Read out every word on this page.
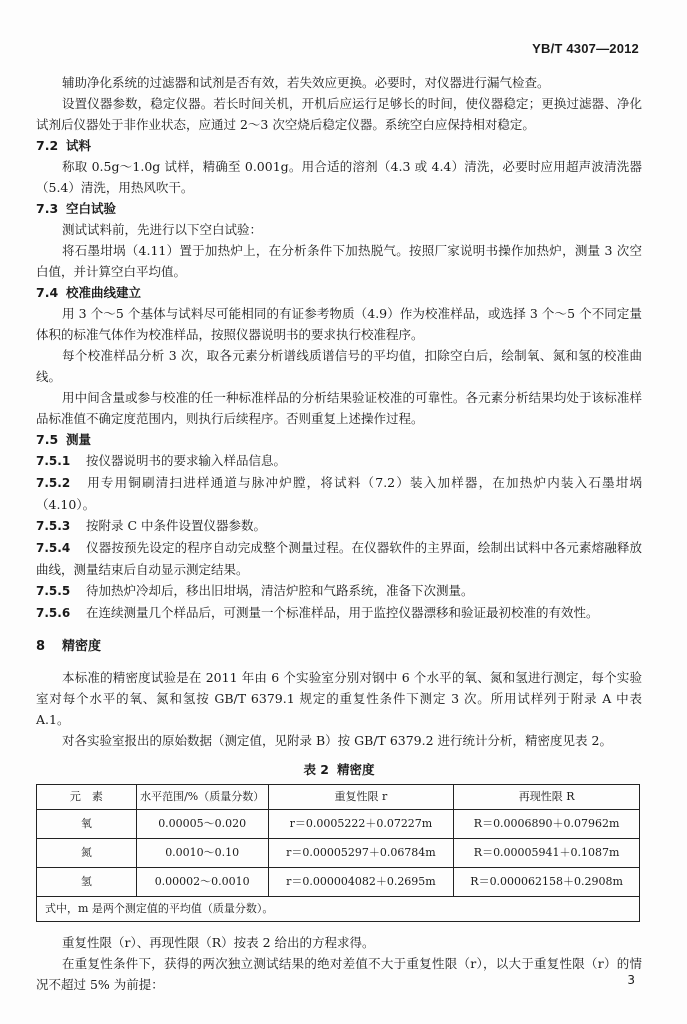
YB/T 4307—2012

辅助净化系统的过滤器和试剂是否有效，若失效应更换。必要时，对仪器进行漏气检查。

设置仪器参数，稳定仪器。若长时间关机，开机后应运行足够长的时间，使仪器稳定；更换过滤器、净化试剂后仪器处于非作业状态，应通过 2～3 次空烧后稳定仪器。系统空白应保持相对稳定。

7.2 试料

称取 0.5g～1.0g 试样，精确至 0.001g。用合适的溶剂（4.3 或 4.4）清洗，必要时应用超声波清洗器（5.4）清洗，用热风吹干。

7.3 空白试验

测试试料前，先进行以下空白试验：

将石墨坩埚（4.11）置于加热炉上，在分析条件下加热脱气。按照厂家说明书操作加热炉，测量 3 次空白值，并计算空白平均值。

7.4 校准曲线建立

用 3 个～5 个基体与试料尽可能相同的有证参考物质（4.9）作为校准样品，或选择 3 个～5 个不同定量体积的标准气体作为校准样品，按照仪器说明书的要求执行校准程序。

每个校准样品分析 3 次，取各元素分析谱线质谱信号的平均值，扣除空白后，绘制氧、氮和氢的校准曲线。

用中间含量或参与校准的任一种标准样品的分析结果验证校准的可靠性。各元素分析结果均处于该标准样品标准值不确定度范围内，则执行后续程序。否则重复上述操作过程。

7.5 测量

7.5.1 按仪器说明书的要求输入样品信息。

7.5.2 用专用铜刷清扫进样通道与脉冲炉膛，将试料（7.2）装入加样器，在加热炉内装入石墨坩埚（4.10）。

7.5.3 按附录 C 中条件设置仪器参数。

7.5.4 仪器按预先设定的程序自动完成整个测量过程。在仪器软件的主界面，绘制出试料中各元素熔融释放曲线，测量结束后自动显示测定结果。

7.5.5 待加热炉冷却后，移出旧坩埚，清洁炉腔和气路系统，准备下次测量。

7.5.6 在连续测量几个样品后，可测量一个标准样品，用于监控仪器漂移和验证最初校准的有效性。

8 精密度

本标准的精密度试验是在 2011 年由 6 个实验室分别对钢中 6 个水平的氧、氮和氢进行测定，每个实验室对每个水平的氧、氮和氢按 GB/T 6379.1 规定的重复性条件下测定 3 次。所用试样列于附录 A 中表 A.1。

对各实验室报出的原始数据（测定值，见附录 B）按 GB/T 6379.2 进行统计分析，精密度见表 2。

表 2 精密度
元　素	水平范围/%（质量分数）	重复性限 r	再现性限 R
氧	0.00005～0.020	r＝0.0005222＋0.07227m	R＝0.0006890＋0.07962m
氮	0.0010～0.10	r＝0.00005297＋0.06784m	R＝0.00005941＋0.1087m
氢	0.00002～0.0010	r＝0.000004082＋0.2695m	R＝0.000062158＋0.2908m
式中，m 是两个测定值的平均值（质量分数）。			

重复性限（r）、再现性限（R）按表 2 给出的方程求得。

在重复性条件下，获得的两次独立测试结果的绝对差值不大于重复性限（r），以大于重复性限（r）的情况不超过 5% 为前提：	3
